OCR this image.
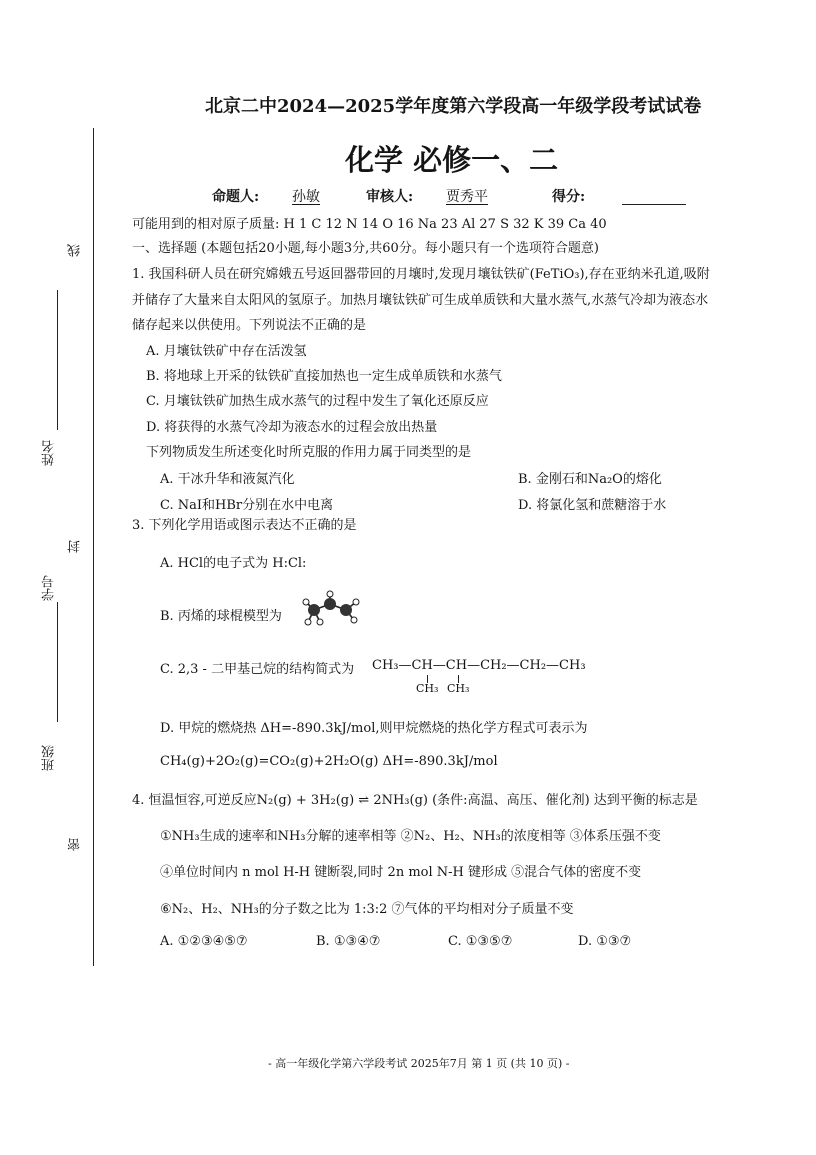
线
姓名
封
学号
班级
密
北京二中2024—2025学年度第六学段高一年级学段考试试卷
化学 必修一、二
命题人: 孙敏	审核人: 贾秀平	得分:
可能用到的相对原子质量: H 1 C 12 N 14 O 16 Na 23 Al 27 S 32 K 39 Ca 40
一、选择题 (本题包括20小题,每小题3分,共60分。每小题只有一个选项符合题意)
1. 我国科研人员在研究嫦娥五号返回器带回的月壤时,发现月壤钛铁矿(FeTiO₃),存在亚纳米孔道,吸附
并储存了大量来自太阳风的氢原子。加热月壤钛铁矿可生成单质铁和大量水蒸气,水蒸气冷却为液态水
储存起来以供使用。下列说法不正确的是
A. 月壤钛铁矿中存在活泼氢
B. 将地球上开采的钛铁矿直接加热也一定生成单质铁和水蒸气
C. 月壤钛铁矿加热生成水蒸气的过程中发生了氧化还原反应
D. 将获得的水蒸气冷却为液态水的过程会放出热量
下列物质发生所述变化时所克服的作用力属于同类型的是
A. 干冰升华和液氮汽化	B. 金刚石和Na₂O的熔化
C. NaI和HBr分别在水中电离	D. 将氯化氢和蔗糖溶于水
3. 下列化学用语或图示表达不正确的是
A. HCl的电子式为 H:Cl:
B. 丙烯的球棍模型为
C. 2,3 - 二甲基己烷的结构简式为 CH₃—CH—CH—CH₂—CH₂—CH₃
CH₃ CH₃
D. 甲烷的燃烧热 ΔH=-890.3kJ/mol,则甲烷燃烧的热化学方程式可表示为
CH₄(g)+2O₂(g)=CO₂(g)+2H₂O(g) ΔH=-890.3kJ/mol
4. 恒温恒容,可逆反应N₂(g) + 3H₂(g) ⇌ 2NH₃(g) (条件:高温、高压、催化剂) 达到平衡的标志是
①NH₃生成的速率和NH₃分解的速率相等 ②N₂、H₂、NH₃的浓度相等 ③体系压强不变
④单位时间内 n mol H-H 键断裂,同时 2n mol N-H 键形成 ⑤混合气体的密度不变
⑥N₂、H₂、NH₃的分子数之比为 1:3:2 ⑦气体的平均相对分子质量不变
A. ①②③④⑤⑦	B. ①③④⑦	C. ①③⑤⑦	D. ①③⑦
- 高一年级化学第六学段考试 2025年7月 第 1 页 (共 10 页) -
